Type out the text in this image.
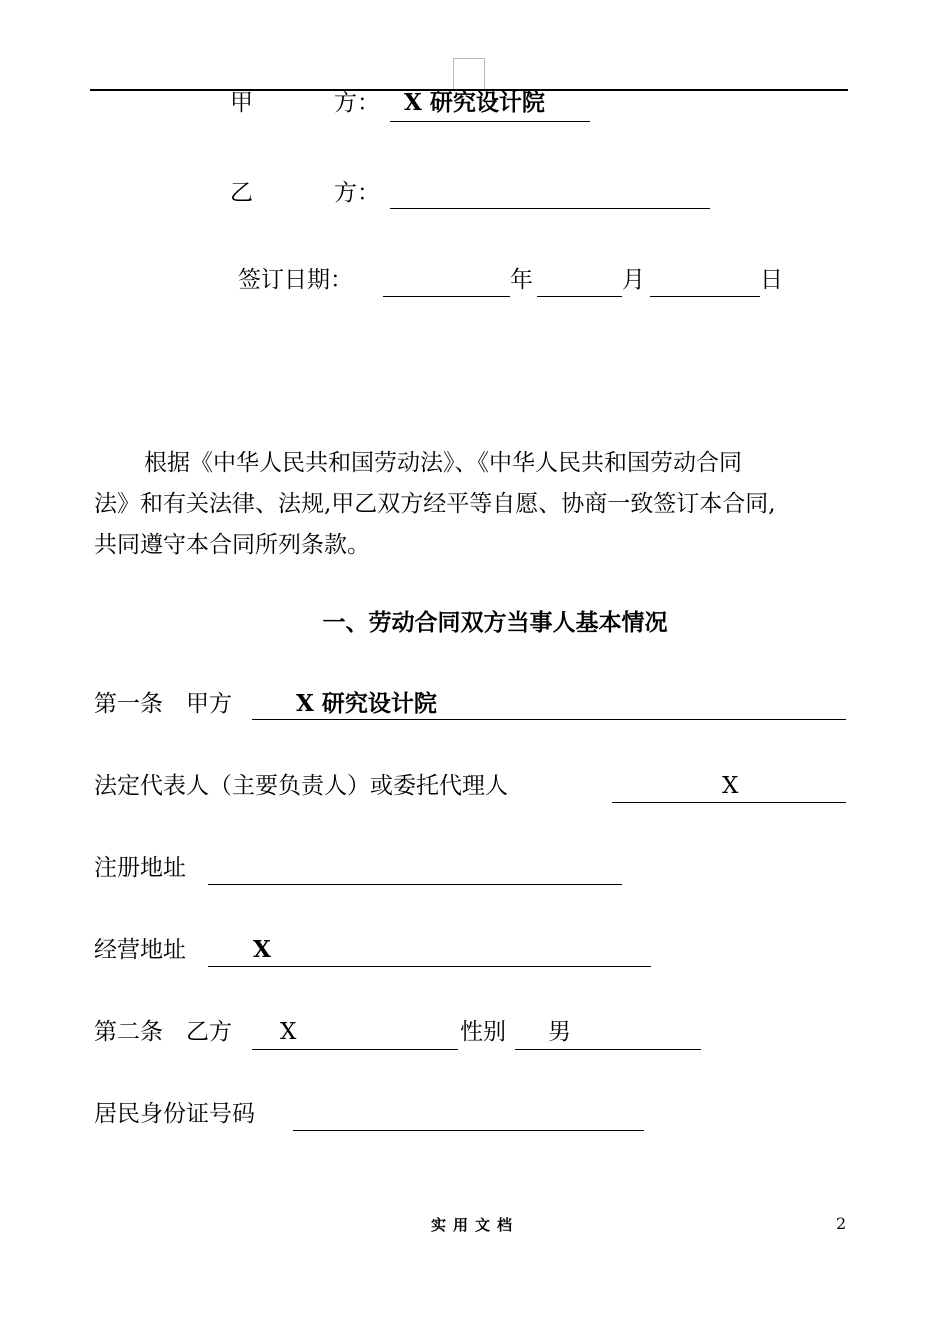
甲	方： X 研究设计院
乙	方：
签订日期：	年	月	日
根据《中华人民共和国劳动法》、《中华人民共和国劳动合同
法》和有关法律、法规,甲乙双方经平等自愿、协商一致签订本合同,
共同遵守本合同所列条款。
一、劳动合同双方当事人基本情况
第一条　甲方	X 研究设计院
法定代表人（主要负责人）或委托代理人	X
注册地址
经营地址	X
第二条　乙方 X	性别 男
居民身份证号码
实用文档	2
